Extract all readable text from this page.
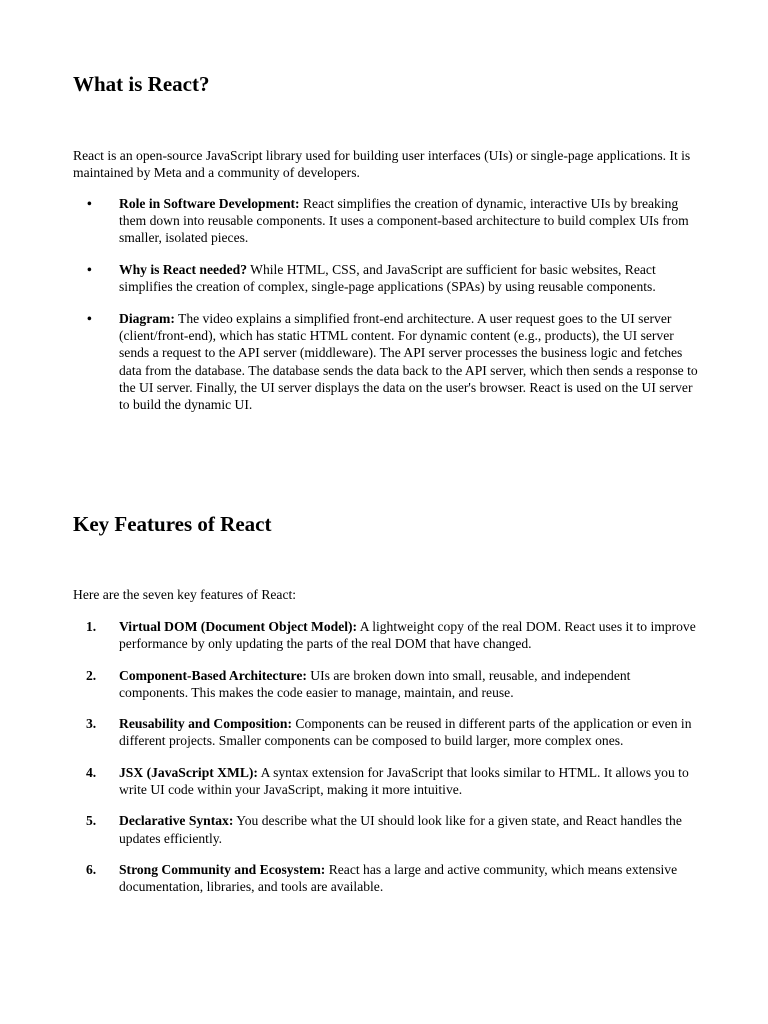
What is React?

React is an open-source JavaScript library used for building user interfaces (UIs) or single-page applications. It is maintained by Meta and a community of developers.

• Role in Software Development: React simplifies the creation of dynamic, interactive UIs by breaking them down into reusable components. It uses a component-based architecture to build complex UIs from smaller, isolated pieces.
• Why is React needed? While HTML, CSS, and JavaScript are sufficient for basic websites, React simplifies the creation of complex, single-page applications (SPAs) by using reusable components.
• Diagram: The video explains a simplified front-end architecture. A user request goes to the UI server (client/front-end), which has static HTML content. For dynamic content (e.g., products), the UI server sends a request to the API server (middleware). The API server processes the business logic and fetches data from the database. The database sends the data back to the API server, which then sends a response to the UI server. Finally, the UI server displays the data on the user's browser. React is used on the UI server to build the dynamic UI.
Key Features of React

Here are the seven key features of React:

1. Virtual DOM (Document Object Model): A lightweight copy of the real DOM. React uses it to improve performance by only updating the parts of the real DOM that have changed.
2. Component-Based Architecture: UIs are broken down into small, reusable, and independent components. This makes the code easier to manage, maintain, and reuse.
3. Reusability and Composition: Components can be reused in different parts of the application or even in different projects. Smaller components can be composed to build larger, more complex ones.
4. JSX (JavaScript XML): A syntax extension for JavaScript that looks similar to HTML. It allows you to write UI code within your JavaScript, making it more intuitive.
5. Declarative Syntax: You describe what the UI should look like for a given state, and React handles the updates efficiently.
6. Strong Community and Ecosystem: React has a large and active community, which means extensive documentation, libraries, and tools are available.
